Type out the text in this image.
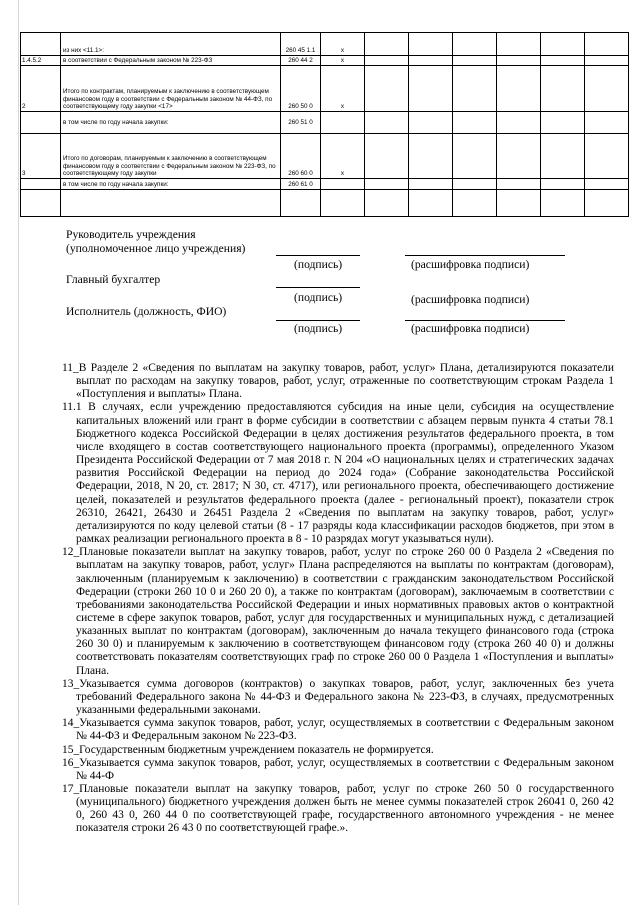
	из них <11.1>:	260 45 1.1	x						
1.4.5.2	в соответствии с Федеральным законом № 223-ФЗ	260 44 2	x						
2	Итого по контрактам, планируемым к заключению в соответствующем финансовом году в соответствии с Федеральным законом № 44-ФЗ, по соответствующему году закупки <17>	260 50 0	x						
	в том числе по году начала закупки:	260 51 0							
3	Итого по договорам, планируемым к заключению в соответствующем финансовом году в соответствии с Федеральным законом № 223-ФЗ, по соответствующему году закупки	260 60 0	x						
	в том числе по году начала закупки:	260 61 0							

Руководитель учреждения
(уполномоченное лицо учреждения)
(подпись)	(расшифровка подписи)
Главный бухгалтер
(подпись)	(расшифровка подписи)
Исполнитель (должность, ФИО)
(подпись)	(расшифровка подписи)

11_В Разделе 2 «Сведения по выплатам на закупку товаров, работ, услуг» Плана, детализируются показатели выплат по расходам на закупку товаров, работ, услуг, отраженные по соответствующим строкам Раздела 1 «Поступления и выплаты» Плана.

11.1 В случаях, если учреждению предоставляются субсидия на иные цели, субсидия на осуществление капитальных вложений или грант в форме субсидии в соответствии с абзацем первым пункта 4 статьи 78.1 Бюджетного кодекса Российской Федерации в целях достижения результатов федерального проекта, в том числе входящего в состав соответствующего национального проекта (программы), определенного Указом Президента Российской Федерации от 7 мая 2018 г. N 204 «О национальных целях и стратегических задачах развития Российской Федерации на период до 2024 года» (Собрание законодательства Российской Федерации, 2018, N 20, ст. 2817; N 30, ст. 4717), или регионального проекта, обеспечивающего достижение целей, показателей и результатов федерального проекта (далее - региональный проект), показатели строк 26310, 26421, 26430 и 26451 Раздела 2 «Сведения по выплатам на закупку товаров, работ, услуг» детализируются по коду целевой статьи (8 - 17 разряды кода классификации расходов бюджетов, при этом в рамках реализации регионального проекта в 8 - 10 разрядах могут указываться нули).

12_Плановые показатели выплат на закупку товаров, работ, услуг по строке 260 00 0 Раздела 2 «Сведения по выплатам на закупку товаров, работ, услуг» Плана распределяются на выплаты по контрактам (договорам), заключенным (планируемым к заключению) в соответствии с гражданским законодательством Российской Федерации (строки 260 10 0 и 260 20 0), а также по контрактам (договорам), заключаемым в соответствии с требованиями законодательства Российской Федерации и иных нормативных правовых актов о контрактной системе в сфере закупок товаров, работ, услуг для государственных и муниципальных нужд, с детализацией указанных выплат по контрактам (договорам), заключенным до начала текущего финансового года (строка 260 30 0) и планируемым к заключению в соответствующем финансовом году (строка 260 40 0) и должны соответствовать показателям соответствующих граф по строке 260 00 0 Раздела 1 «Поступления и выплаты» Плана.

13_Указывается сумма договоров (контрактов) о закупках товаров, работ, услуг, заключенных без учета требований Федерального закона № 44-ФЗ и Федерального закона № 223-ФЗ, в случаях, предусмотренных указанными федеральными законами.

14_Указывается сумма закупок товаров, работ, услуг, осуществляемых в соответствии с Федеральным законом № 44-ФЗ и Федеральным законом № 223-ФЗ.

15_Государственным бюджетным учреждением показатель не формируется.

16_Указывается сумма закупок товаров, работ, услуг, осуществляемых в соответствии с Федеральным законом № 44-Ф

17_Плановые показатели выплат на закупку товаров, работ, услуг по строке 260 50 0 государственного (муниципального) бюджетного учреждения должен быть не менее суммы показателей строк 26041 0, 260 42 0, 260 43 0, 260 44 0 по соответствующей графе, государственного автономного учреждения - не менее показателя строки 26 43 0 по соответствующей графе.».
